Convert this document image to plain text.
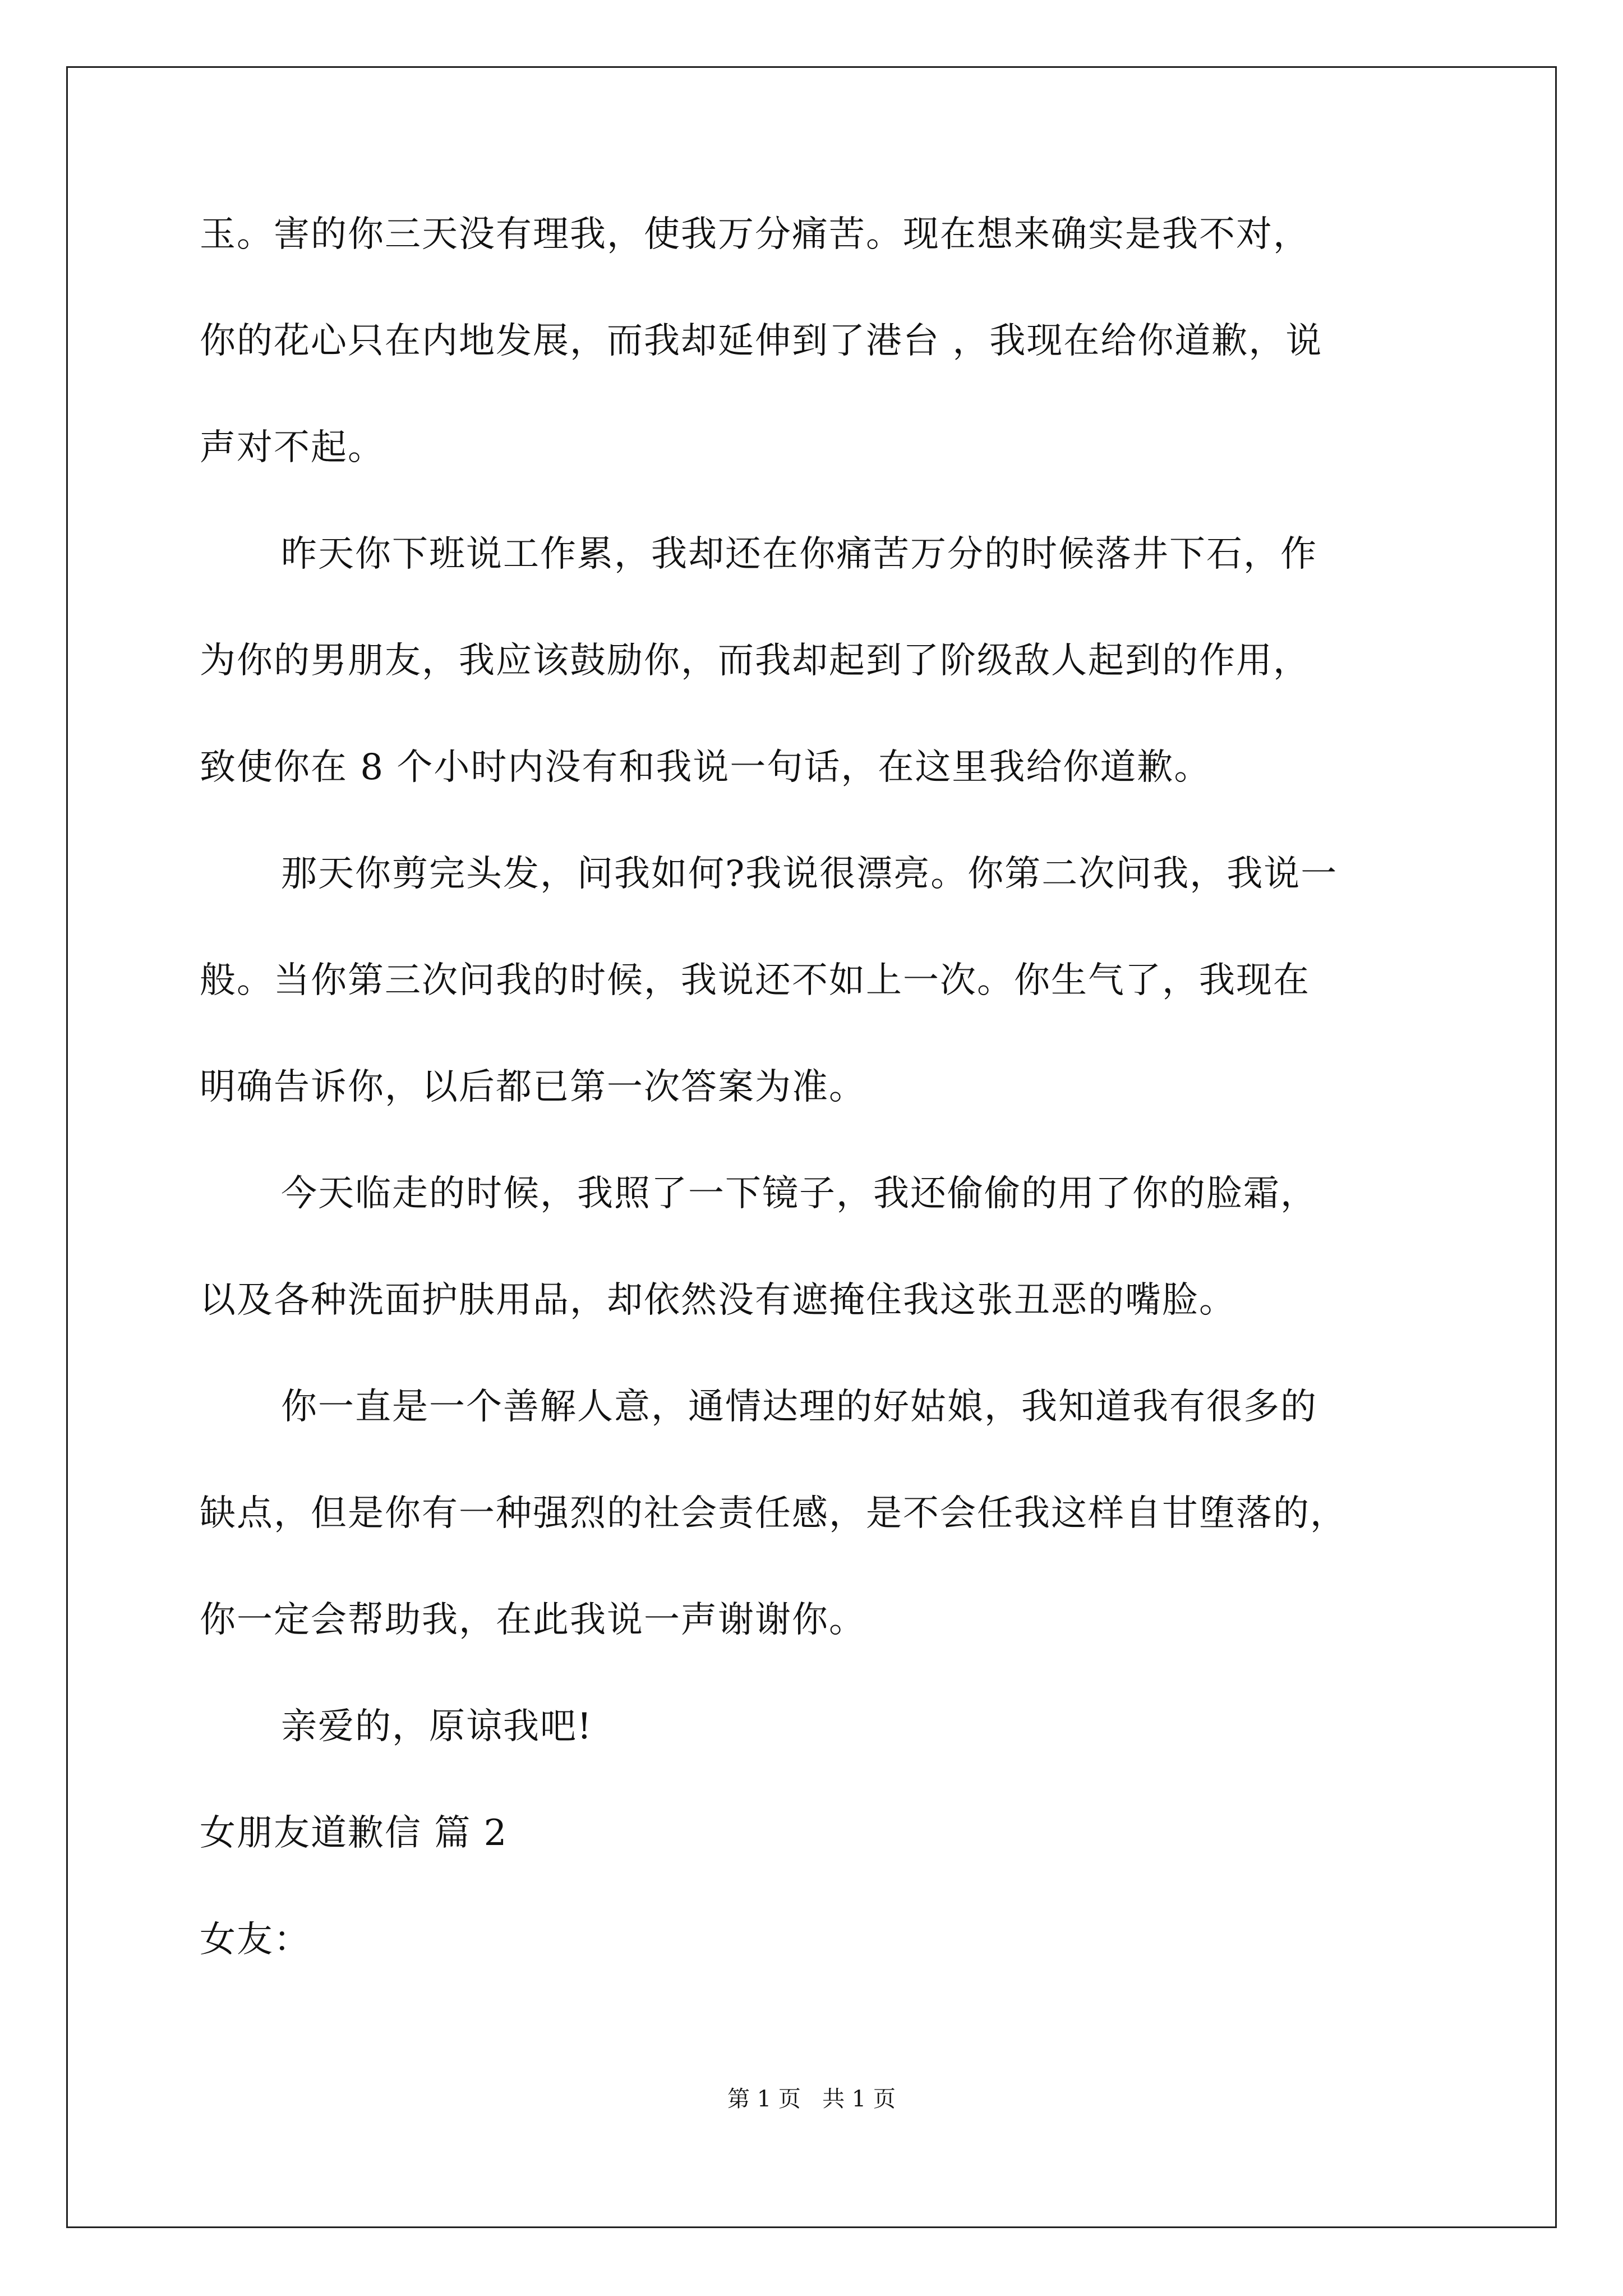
玉。害的你三天没有理我，使我万分痛苦。现在想来确实是我不对，
你的花心只在内地发展，而我却延伸到了港台 ，我现在给你道歉，说
声对不起。
昨天你下班说工作累，我却还在你痛苦万分的时候落井下石，作
为你的男朋友，我应该鼓励你，而我却起到了阶级敌人起到的作用，
致使你在 8 个小时内没有和我说一句话，在这里我给你道歉。
那天你剪完头发，问我如何?我说很漂亮。你第二次问我，我说一
般。当你第三次问我的时候，我说还不如上一次。你生气了，我现在
明确告诉你，以后都已第一次答案为准。
今天临走的时候，我照了一下镜子，我还偷偷的用了你的脸霜，
以及各种洗面护肤用品，却依然没有遮掩住我这张丑恶的嘴脸。
你一直是一个善解人意，通情达理的好姑娘，我知道我有很多的
缺点，但是你有一种强烈的社会责任感，是不会任我这样自甘堕落的，
你一定会帮助我，在此我说一声谢谢你。
亲爱的，原谅我吧!
女朋友道歉信 篇 2
女友：
第 1 页   共 1 页
